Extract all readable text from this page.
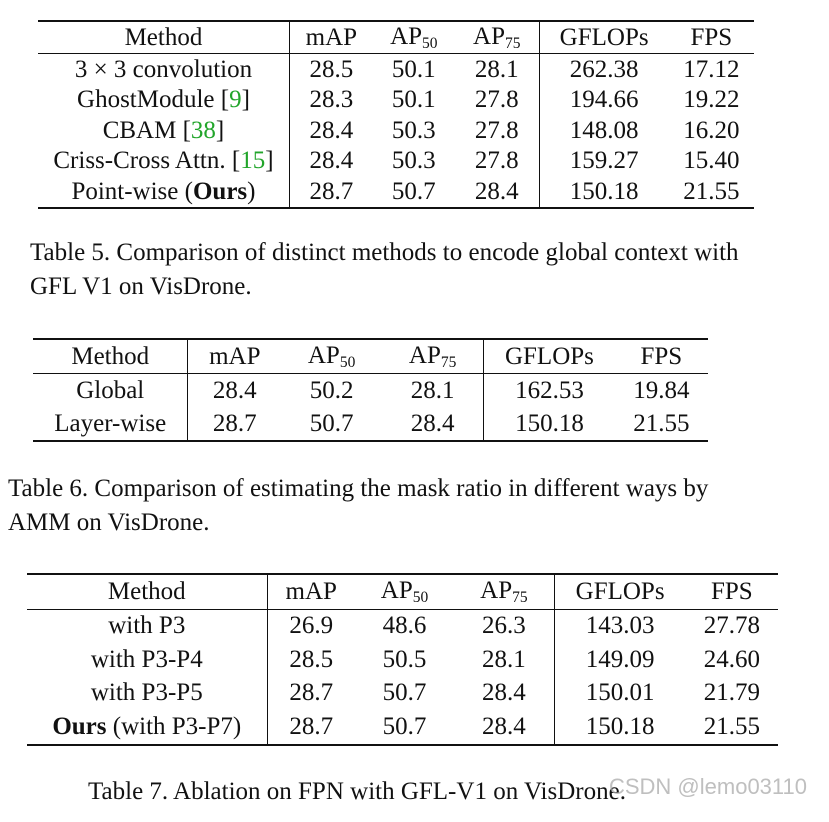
Method	mAP	$AP_{50}$	$AP_{75}$	GFLOPs	FPS
3 × 3 convolution	28.5	50.1	28.1	262.38	17.12
GhostModule [9]	28.3	50.1	27.8	194.66	19.22
CBAM [38]	28.4	50.3	27.8	148.08	16.20
Criss-Cross Attn. [15]	28.4	50.3	27.8	159.27	15.40
Point-wise (Ours)	28.7	50.7	28.4	150.18	21.55

Table 5. Comparison of distinct methods to encode global context with GFL V1 on VisDrone.

Method	mAP	$AP_{50}$	$AP_{75}$	GFLOPs	FPS
Global	28.4	50.2	28.1	162.53	19.84
Layer-wise	28.7	50.7	28.4	150.18	21.55

Table 6. Comparison of estimating the mask ratio in different ways by AMM on VisDrone.

Method	mAP	$AP_{50}$	$AP_{75}$	GFLOPs	FPS
with P3	26.9	48.6	26.3	143.03	27.78
with P3-P4	28.5	50.5	28.1	149.09	24.60
with P3-P5	28.7	50.7	28.4	150.01	21.79
Ours (with P3-P7)	28.7	50.7	28.4	150.18	21.55

Table 7. Ablation on FPN with GFL-V1 on VisDrone.

CSDN @lemo03110
